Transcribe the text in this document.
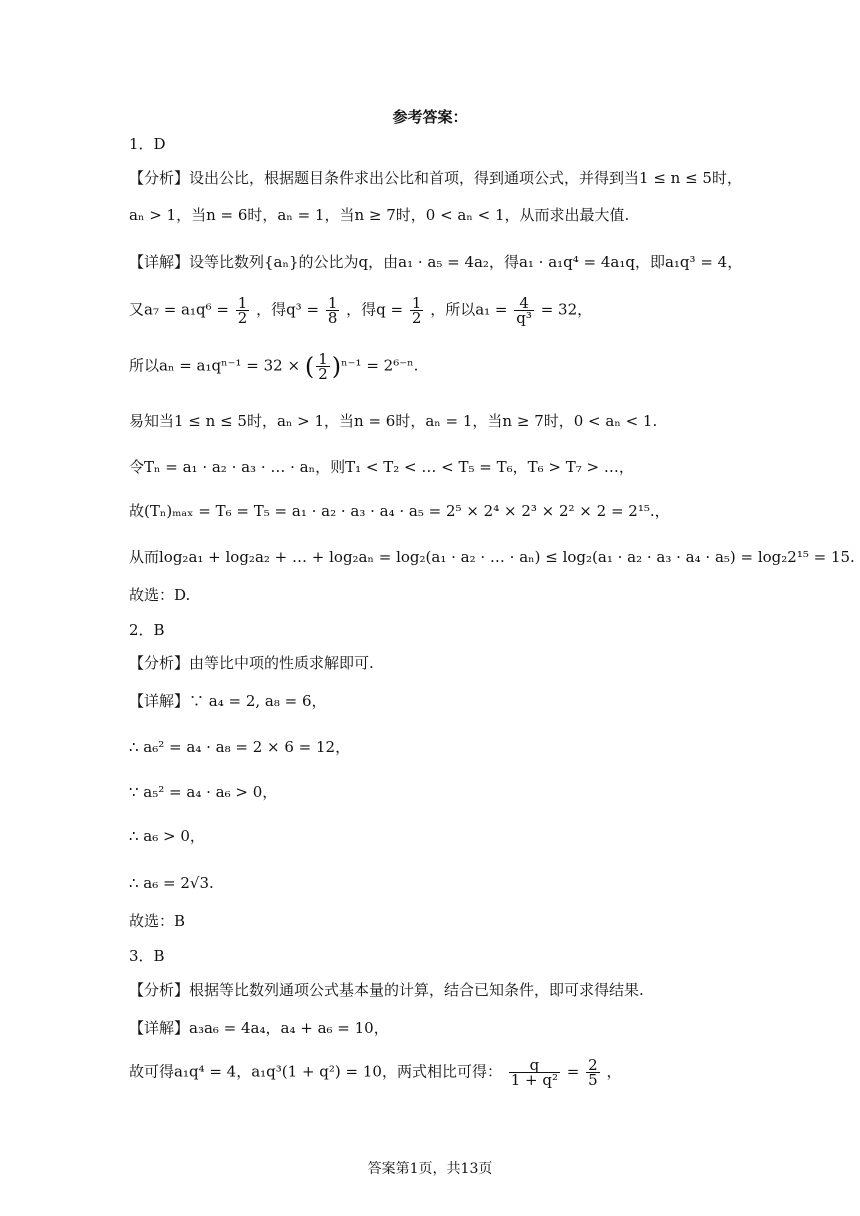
参考答案：
1．D
【分析】设出公比，根据题目条件求出公比和首项，得到通项公式，并得到当1 ≤ n ≤ 5时，
aₙ > 1，当n = 6时，aₙ = 1，当n ≥ 7时，0 < aₙ < 1，从而求出最大值.
【详解】设等比数列{aₙ}的公比为q，由a₁ · a₅ = 4a₂，得a₁ · a₁q⁴ = 4a₁q，即a₁q³ = 4，
又$a_7 = a_1q^6 = \frac{1}{2}$ ，得$q^3 = \frac{1}{8}$ ，得$q = \frac{1}{2}$ ，所以$a_1 = \frac{4}{\text{q³}} = 32$，
所以aₙ = a₁qⁿ⁻¹ = 32 × ( $\frac{1}{2} )^{n-1} = 2^{6-n}$.
易知当1 ≤ n ≤ 5时，aₙ > 1，当n = 6时，aₙ = 1，当n ≥ 7时，0 < aₙ < 1.
令Tₙ = a₁ · a₂ · a₃ · … · aₙ，则T₁ < T₂ < … < T₅ = T₆，T₆ > T₇ > …，
故(Tₙ)ₘₐₓ = T₆ = T₅ = a₁ · a₂ · a₃ · a₄ · a₅ = 2⁵ × 2⁴ × 2³ × 2² × 2 = 2¹⁵.，
从而log₂a₁ + log₂a₂ + … + log₂aₙ = log₂(a₁ · a₂ · … · aₙ) ≤ log₂(a₁ · a₂ · a₃ · a₄ · a₅) = log₂2¹⁵ = 15.
故选：D.
2．B
【分析】由等比中项的性质求解即可.
【详解】∵ a₄ = 2, a₈ = 6，
∴ a₆² = a₄ · a₈ = 2 × 6 = 12，
∵ a₅² = a₄ · a₆ > 0，
∴ a₆ > 0，
∴ a₆ = 2√3.
故选：B
3．B
【分析】根据等比数列通项公式基本量的计算，结合已知条件，即可求得结果.
【详解】a₃a₆ = 4a₄，a₄ + a₆ = 10，
故可得a₁q⁴ = 4，a₁q³(1 + q²) = 10，两式相比可得： $\frac{q}{\text{1 + q²}} = \frac{2}{5}$ ，
答案第1页，共13页
